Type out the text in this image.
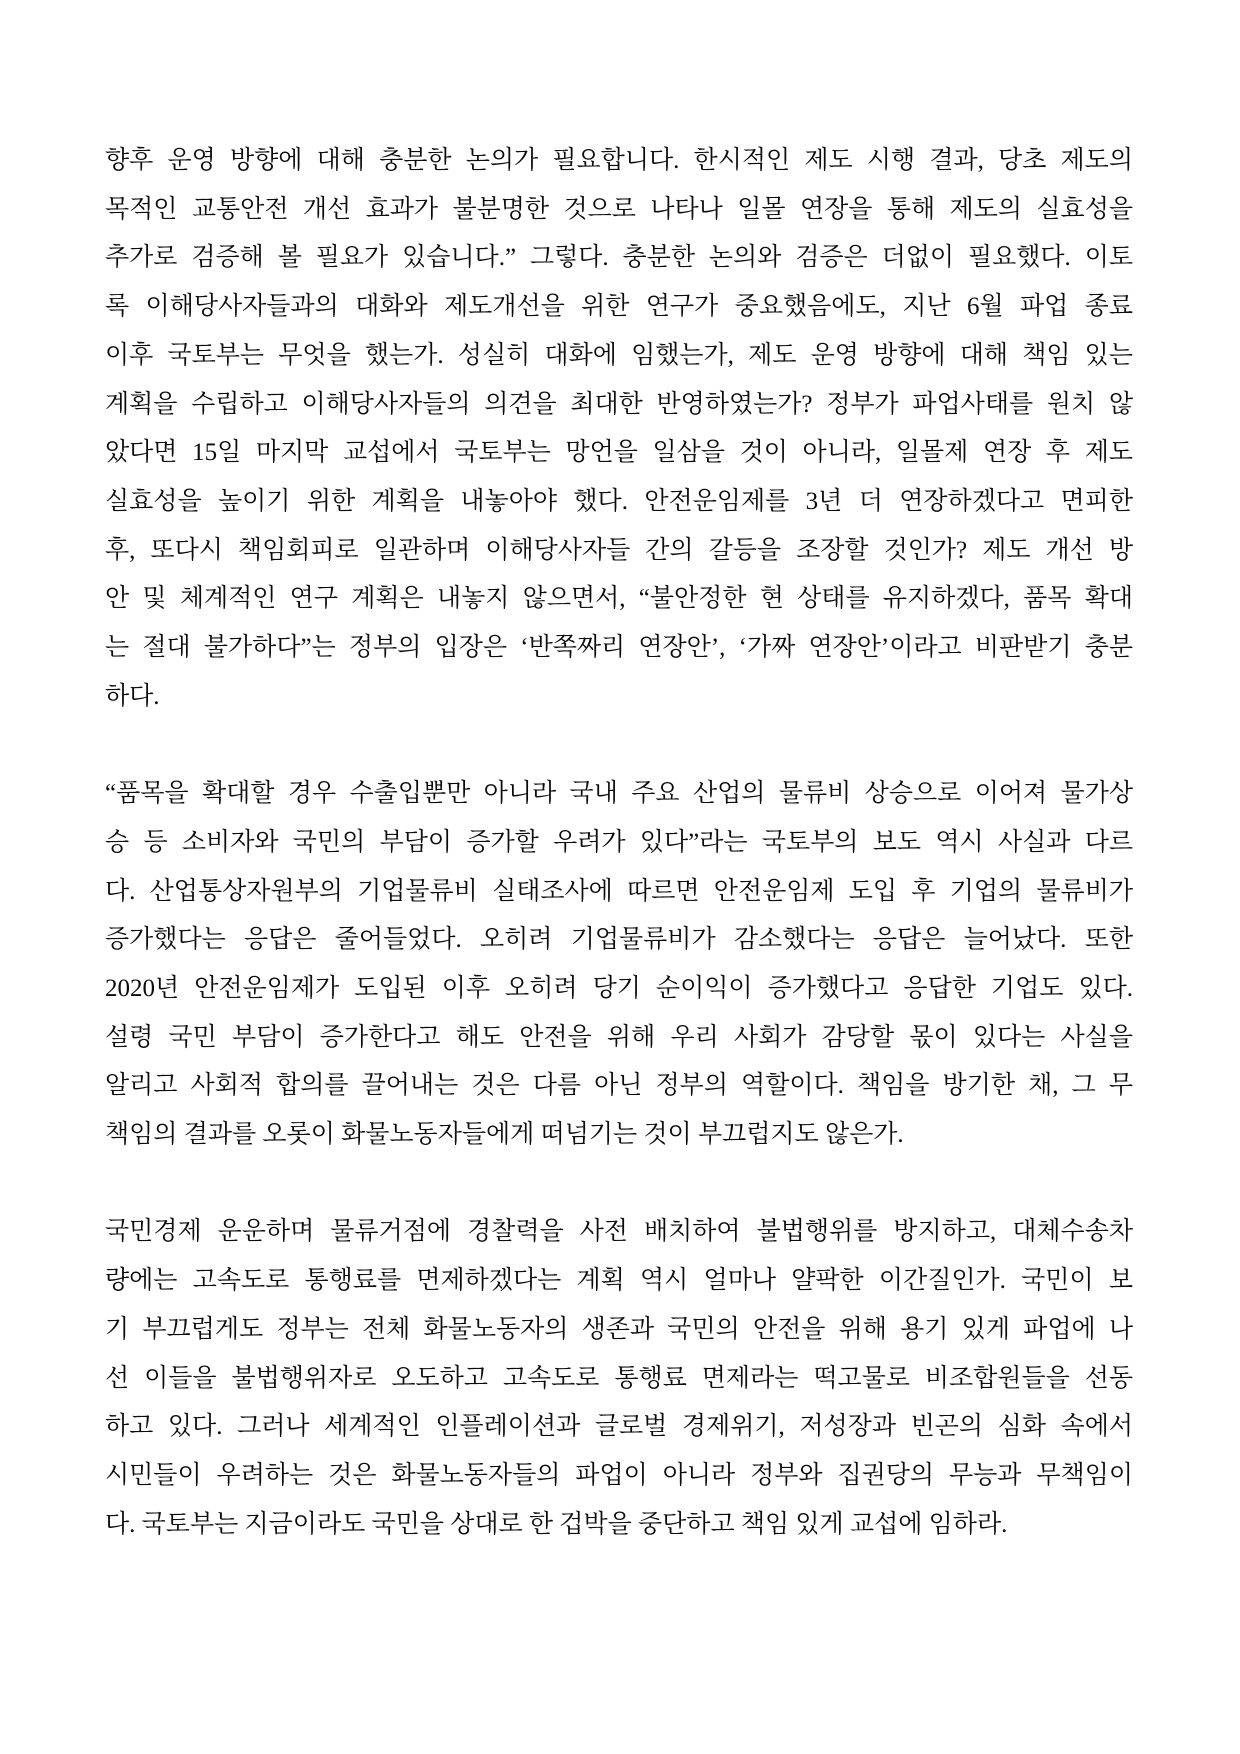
향후 운영 방향에 대해 충분한 논의가 필요합니다. 한시적인 제도 시행 결과, 당초 제도의
목적인 교통안전 개선 효과가 불분명한 것으로 나타나 일몰 연장을 통해 제도의 실효성을
추가로 검증해 볼 필요가 있습니다.” 그렇다. 충분한 논의와 검증은 더없이 필요했다. 이토
록 이해당사자들과의 대화와 제도개선을 위한 연구가 중요했음에도, 지난 6월 파업 종료
이후 국토부는 무엇을 했는가. 성실히 대화에 임했는가, 제도 운영 방향에 대해 책임 있는
계획을 수립하고 이해당사자들의 의견을 최대한 반영하였는가? 정부가 파업사태를 원치 않
았다면 15일 마지막 교섭에서 국토부는 망언을 일삼을 것이 아니라, 일몰제 연장 후 제도
실효성을 높이기 위한 계획을 내놓아야 했다. 안전운임제를 3년 더 연장하겠다고 면피한
후, 또다시 책임회피로 일관하며 이해당사자들 간의 갈등을 조장할 것인가? 제도 개선 방
안 및 체계적인 연구 계획은 내놓지 않으면서, “불안정한 현 상태를 유지하겠다, 품목 확대
는 절대 불가하다”는 정부의 입장은 ‘반쪽짜리 연장안’, ‘가짜 연장안’이라고 비판받기 충분
하다.
“품목을 확대할 경우 수출입뿐만 아니라 국내 주요 산업의 물류비 상승으로 이어져 물가상
승 등 소비자와 국민의 부담이 증가할 우려가 있다”라는 국토부의 보도 역시 사실과 다르
다. 산업통상자원부의 기업물류비 실태조사에 따르면 안전운임제 도입 후 기업의 물류비가
증가했다는 응답은 줄어들었다. 오히려 기업물류비가 감소했다는 응답은 늘어났다. 또한
2020년 안전운임제가 도입된 이후 오히려 당기 순이익이 증가했다고 응답한 기업도 있다.
설령 국민 부담이 증가한다고 해도 안전을 위해 우리 사회가 감당할 몫이 있다는 사실을
알리고 사회적 합의를 끌어내는 것은 다름 아닌 정부의 역할이다. 책임을 방기한 채, 그 무
책임의 결과를 오롯이 화물노동자들에게 떠넘기는 것이 부끄럽지도 않은가.
국민경제 운운하며 물류거점에 경찰력을 사전 배치하여 불법행위를 방지하고, 대체수송차
량에는 고속도로 통행료를 면제하겠다는 계획 역시 얼마나 얄팍한 이간질인가. 국민이 보
기 부끄럽게도 정부는 전체 화물노동자의 생존과 국민의 안전을 위해 용기 있게 파업에 나
선 이들을 불법행위자로 오도하고 고속도로 통행료 면제라는 떡고물로 비조합원들을 선동
하고 있다. 그러나 세계적인 인플레이션과 글로벌 경제위기, 저성장과 빈곤의 심화 속에서
시민들이 우려하는 것은 화물노동자들의 파업이 아니라 정부와 집권당의 무능과 무책임이
다. 국토부는 지금이라도 국민을 상대로 한 겁박을 중단하고 책임 있게 교섭에 임하라.
